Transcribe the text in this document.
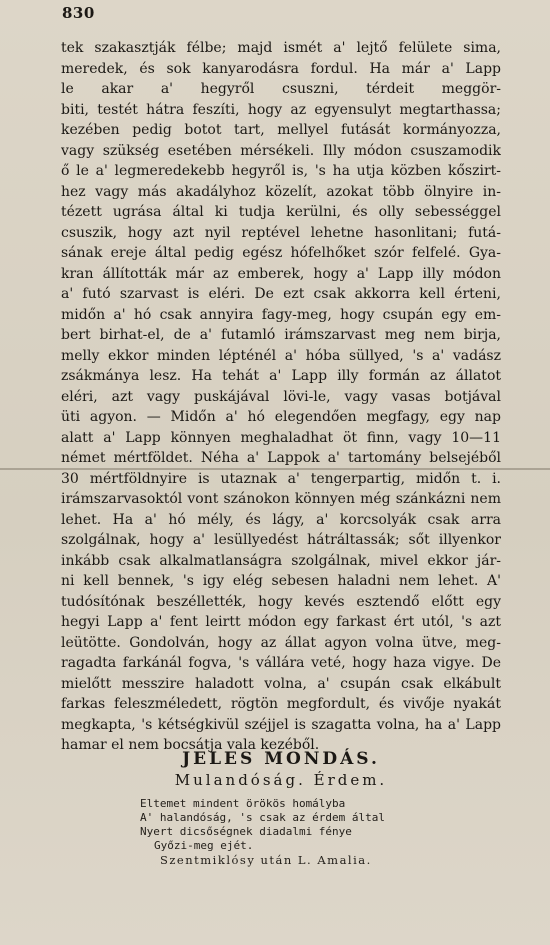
830
tek szakasztják félbe; majd ismét a' lejtő felülete sima,
meredek, és sok kanyarodásra fordul. Ha már a' Lapp
le akar a' hegyről csuszni, térdeit meggör-
biti, testét hátra feszíti, hogy az egyensulyt megtarthassa;
kezében pedig botot tart, mellyel futását kormányozza,
vagy szükség esetében mérsékeli. Illy módon csuszamodik
ő le a' legmeredekebb hegyről is, 's ha utja közben kőszirt-
hez vagy más akadályhoz közelít, azokat több ölnyire in-
tézett ugrása által ki tudja kerülni, és olly sebességgel
csuszik, hogy azt nyil reptével lehetne hasonlitani; futá-
sának ereje által pedig egész hófelhőket szór felfelé. Gya-
kran állították már az emberek, hogy a' Lapp illy módon
a' futó szarvast is eléri. De ezt csak akkorra kell érteni,
midőn a' hó csak annyira fagy-meg, hogy csupán egy em-
bert birhat-el, de a' futamló irámszarvast meg nem birja,
melly ekkor minden lépténél a' hóba süllyed, 's a' vadász
zsákmánya lesz. Ha tehát a' Lapp illy formán az állatot
eléri, azt vagy puskájával lövi-le, vagy vasas botjával
üti agyon. — Midőn a' hó elegendően megfagy, egy nap
alatt a' Lapp könnyen meghaladhat öt finn, vagy 10—11
német mértföldet. Néha a' Lappok a' tartomány belsejéből
30 mértföldnyire is utaznak a' tengerpartig, midőn t. i.
irámszarvasoktól vont szánokon könnyen még szánkázni nem
lehet. Ha a' hó mély, és lágy, a' korcsolyák csak arra
szolgálnak, hogy a' lesüllyedést hátráltassák; sőt illyenkor
inkább csak alkalmatlanságra szolgálnak, mivel ekkor jár-
ni kell bennek, 's igy elég sebesen haladni nem lehet. A'
tudósítónak beszéllették, hogy kevés esztendő előtt egy
hegyi Lapp a' fent leirtt módon egy farkast ért utól, 's azt
leütötte. Gondolván, hogy az állat agyon volna ütve, meg-
ragadta farkánál fogva, 's vállára veté, hogy haza vigye. De
mielőtt messzire haladott volna, a' csupán csak elkábult
farkas feleszméledett, rögtön megfordult, és vivője nyakát
megkapta, 's kétségkivül széjjel is szagatta volna, ha a' Lapp
hamar el nem bocsátja vala kezéből.
JELES MONDÁS.
Mulandóság. Érdem.
Eltemet mindent örökös homályba
A' halandóság, 's csak az érdem által
Nyert dicsőségnek diadalmi fénye
Győzi-meg ejét.
Szentmiklósy után L. Amalia.
